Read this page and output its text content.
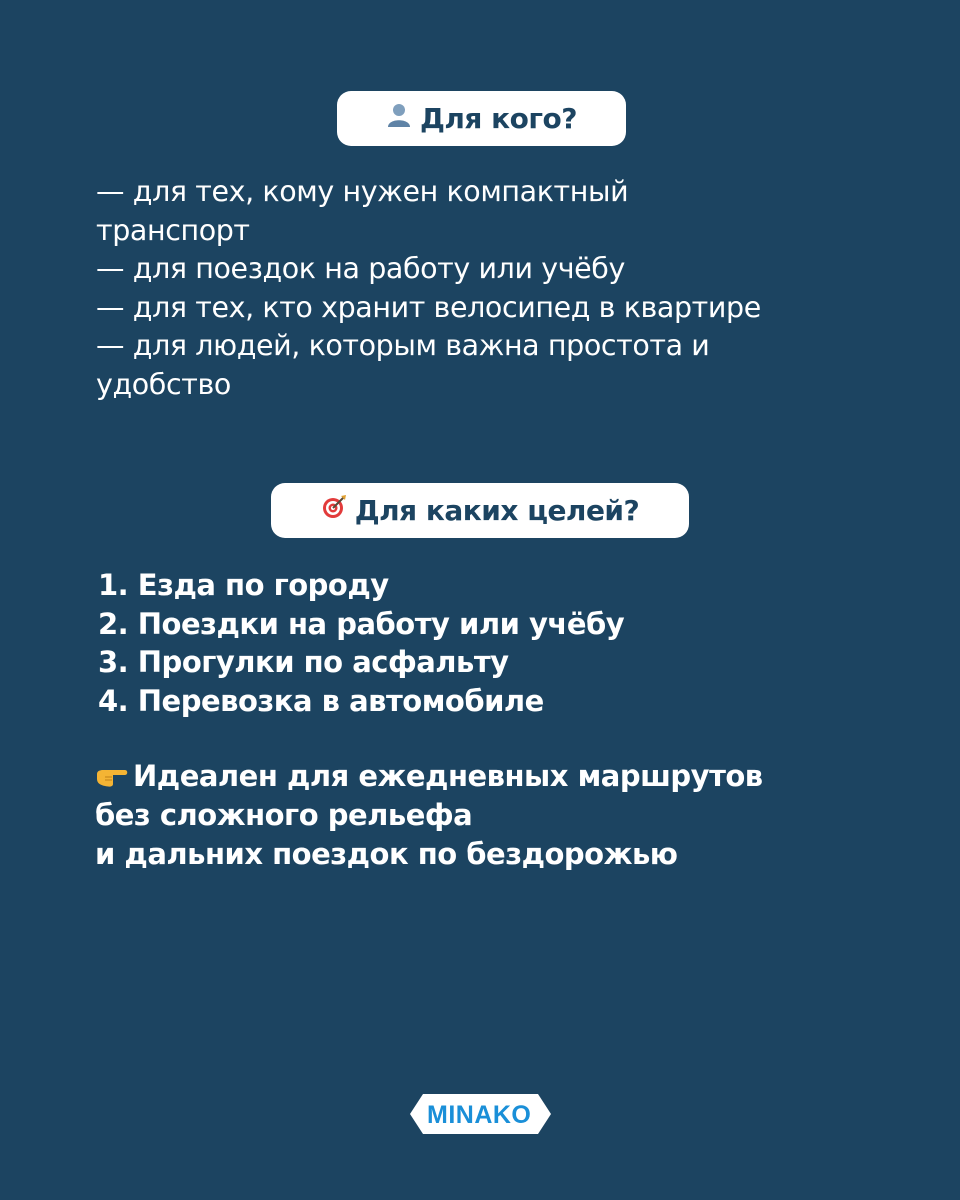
Для кого?

— для тех, кому нужен компактный

транспорт

— для поездок на работу или учёбу

— для тех, кто хранит велосипед в квартире

— для людей, которым важна простота и

удобство

Для каких целей?

1. Езда по городу

2. Поездки на работу или учёбу

3. Прогулки по асфальту

4. Перевозка в автомобиле

Идеален для ежедневных маршрутов

без сложного рельефа

и дальних поездок по бездорожью

MINAKO
